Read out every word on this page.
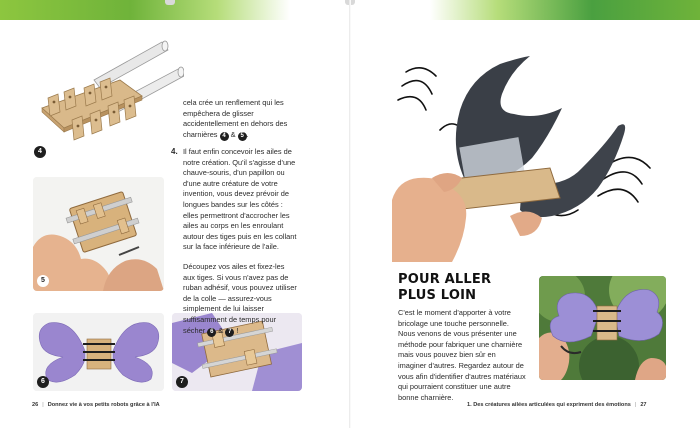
4
5
6	7
cela crée un renflement qui les empêchera de glisser accidentellement en dehors des charnières 4 & 5 .
4. Il faut enfin concevoir les ailes de notre création. Qu'il s'agisse d'une chauve-souris, d'un papillon ou d'une autre créature de votre invention, vous devez prévoir de longues bandes sur les côtés : elles permettront d'accrocher les ailes au corps en les enroulant autour des tiges puis en les collant sur la face inférieure de l'aile.

Découpez vos ailes et fixez-les aux tiges. Si vous n'avez pas de ruban adhésif, vous pouvez utiliser de la colle — assurez-vous simplement de lui laisser suffisamment de temps pour sécher 6 & 7 !

26 | Donnez vie à vos petits robots grâce à l'IA
POUR ALLER
PLUS LOIN
C'est le moment d'apporter à votre bricolage une touche personnelle. Nous venons de vous présenter une méthode pour fabriquer une charnière mais vous pouvez bien sûr en imaginer d'autres. Regardez autour de vous afin d'identifier d'autres matériaux qui pourraient constituer une autre bonne charnière.
1. Des créatures ailées articulées qui expriment des émotions | 27
